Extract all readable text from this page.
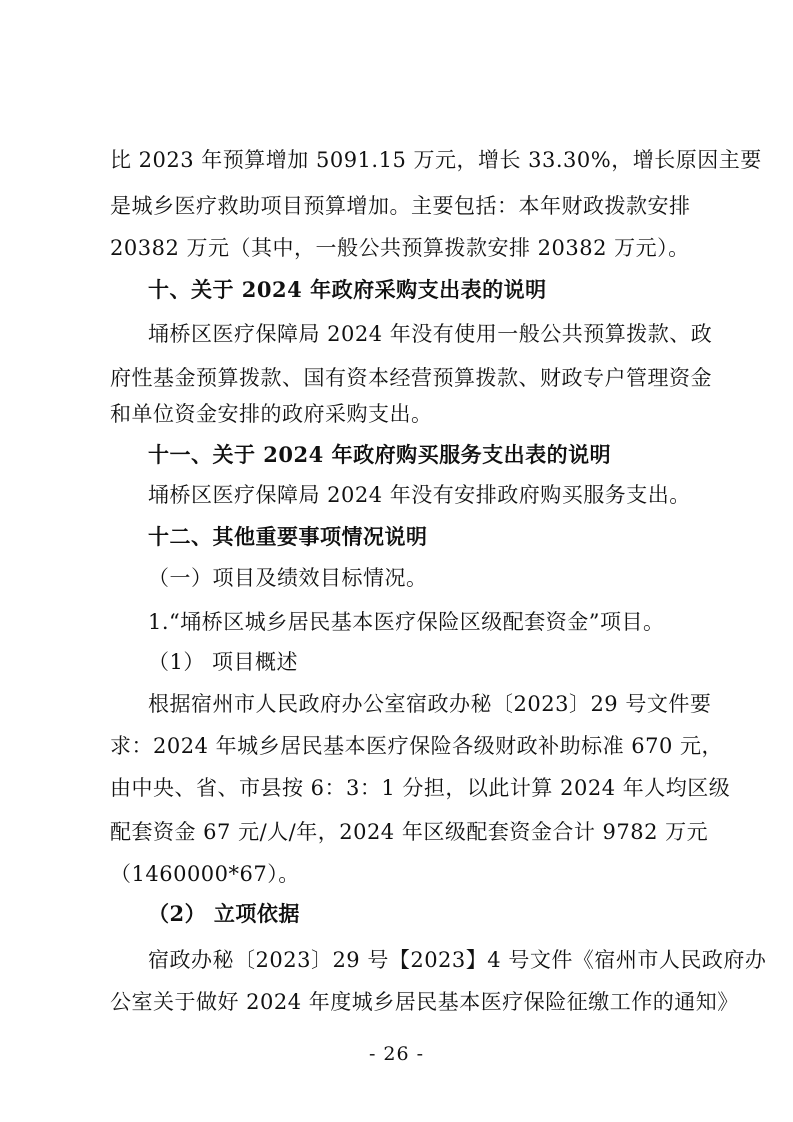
比 2023 年预算增加 5091.15 万元，增长 33.30%，增长原因主要
是城乡医疗救助项目预算增加。主要包括：本年财政拨款安排
20382 万元（其中，一般公共预算拨款安排 20382 万元）。
十、关于 2024 年政府采购支出表的说明
埇桥区医疗保障局 2024 年没有使用一般公共预算拨款、政
府性基金预算拨款、国有资本经营预算拨款、财政专户管理资金
和单位资金安排的政府采购支出。
十一、关于 2024 年政府购买服务支出表的说明
埇桥区医疗保障局 2024 年没有安排政府购买服务支出。
十二、其他重要事项情况说明
（一）项目及绩效目标情况。
1.“埇桥区城乡居民基本医疗保险区级配套资金”项目。
（1） 项目概述
根据宿州市人民政府办公室宿政办秘〔2023〕29 号文件要
求：2024 年城乡居民基本医疗保险各级财政补助标准 670 元，
由中央、省、市县按 6：3：1 分担，以此计算 2024 年人均区级
配套资金 67 元/人/年，2024 年区级配套资金合计 9782 万元
（1460000*67）。
（2） 立项依据
宿政办秘〔2023〕29 号【2023】4 号文件《宿州市人民政府办
公室关于做好 2024 年度城乡居民基本医疗保险征缴工作的通知》
- 26 -
